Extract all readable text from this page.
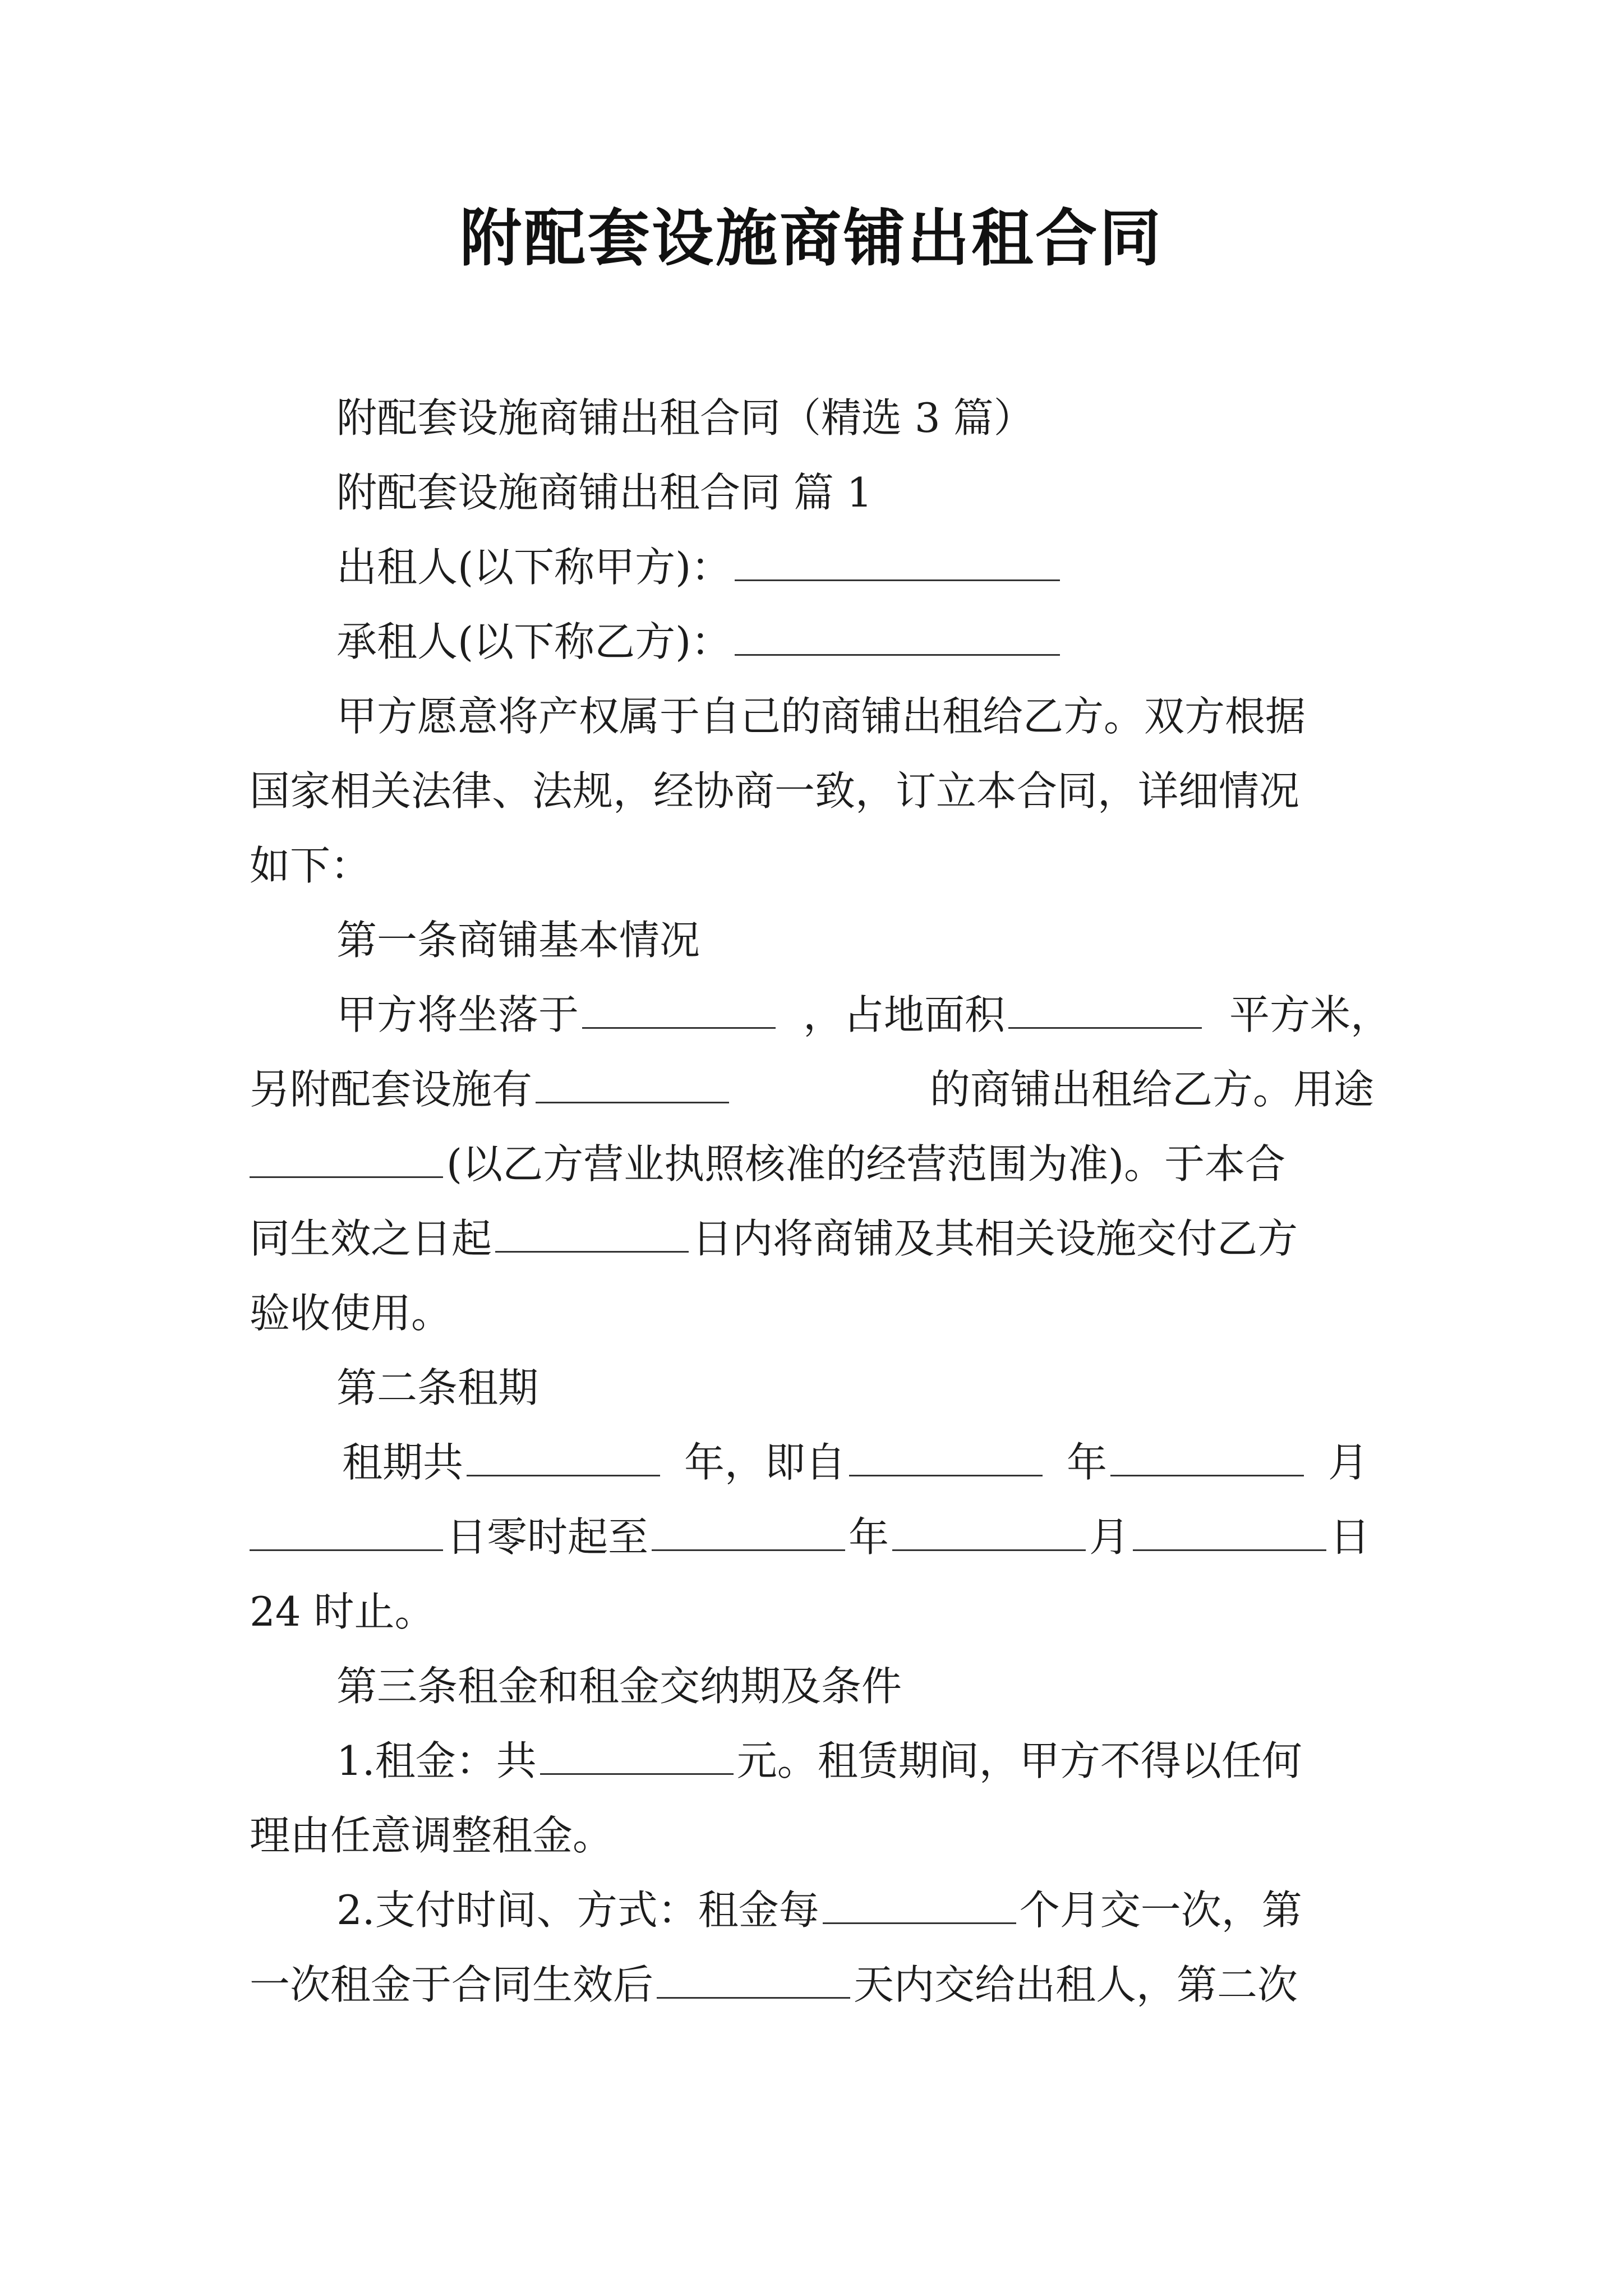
附配套设施商铺出租合同
附配套设施商铺出租合同（精选 3 篇）
附配套设施商铺出租合同 篇 1
出租人(以下称甲方)：
承租人(以下称乙方)：
甲方愿意将产权属于自己的商铺出租给乙方。双方根据
国家相关法律、法规，经协商一致，订立本合同，详细情况
如下：
第一条商铺基本情况
甲方将坐落于	，占地面积	平方米，
另附配套设施有	的商铺出租给乙方。用途
(以乙方营业执照核准的经营范围为准)。于本合
同生效之日起	日内将商铺及其相关设施交付乙方
验收使用。
第二条租期
租期共	年，即自	年	月
日零时起至	年	月	日
24 时止。
第三条租金和租金交纳期及条件
1.租金：共	元。租赁期间，甲方不得以任何
理由任意调整租金。
2.支付时间、方式：租金每	个月交一次，第
一次租金于合同生效后	天内交给出租人，第二次
